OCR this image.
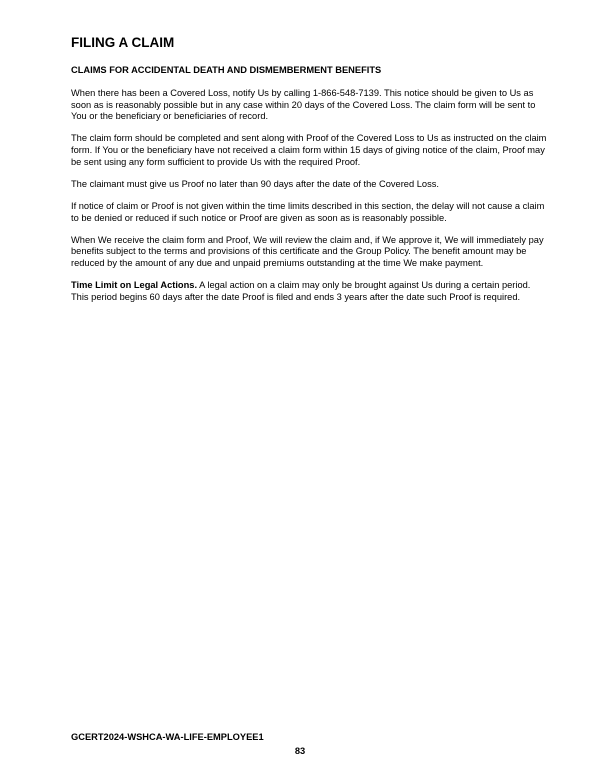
FILING A CLAIM
CLAIMS FOR ACCIDENTAL DEATH AND DISMEMBERMENT BENEFITS

When there has been a Covered Loss, notify Us by calling 1-866-548-7139. This notice should be given to Us as soon as is reasonably possible but in any case within 20 days of the Covered Loss. The claim form will be sent to You or the beneficiary or beneficiaries of record.

The claim form should be completed and sent along with Proof of the Covered Loss to Us as instructed on the claim form. If You or the beneficiary have not received a claim form within 15 days of giving notice of the claim, Proof may be sent using any form sufficient to provide Us with the required Proof.

The claimant must give us Proof no later than 90 days after the date of the Covered Loss.

If notice of claim or Proof is not given within the time limits described in this section, the delay will not cause a claim to be denied or reduced if such notice or Proof are given as soon as is reasonably possible.

When We receive the claim form and Proof, We will review the claim and, if We approve it, We will immediately pay benefits subject to the terms and provisions of this certificate and the Group Policy. The benefit amount may be reduced by the amount of any due and unpaid premiums outstanding at the time We make payment.

Time Limit on Legal Actions. A legal action on a claim may only be brought against Us during a certain period. This period begins 60 days after the date Proof is filed and ends 3 years after the date such Proof is required.

GCERT2024-WSHCA-WA-LIFE-EMPLOYEE1
83
